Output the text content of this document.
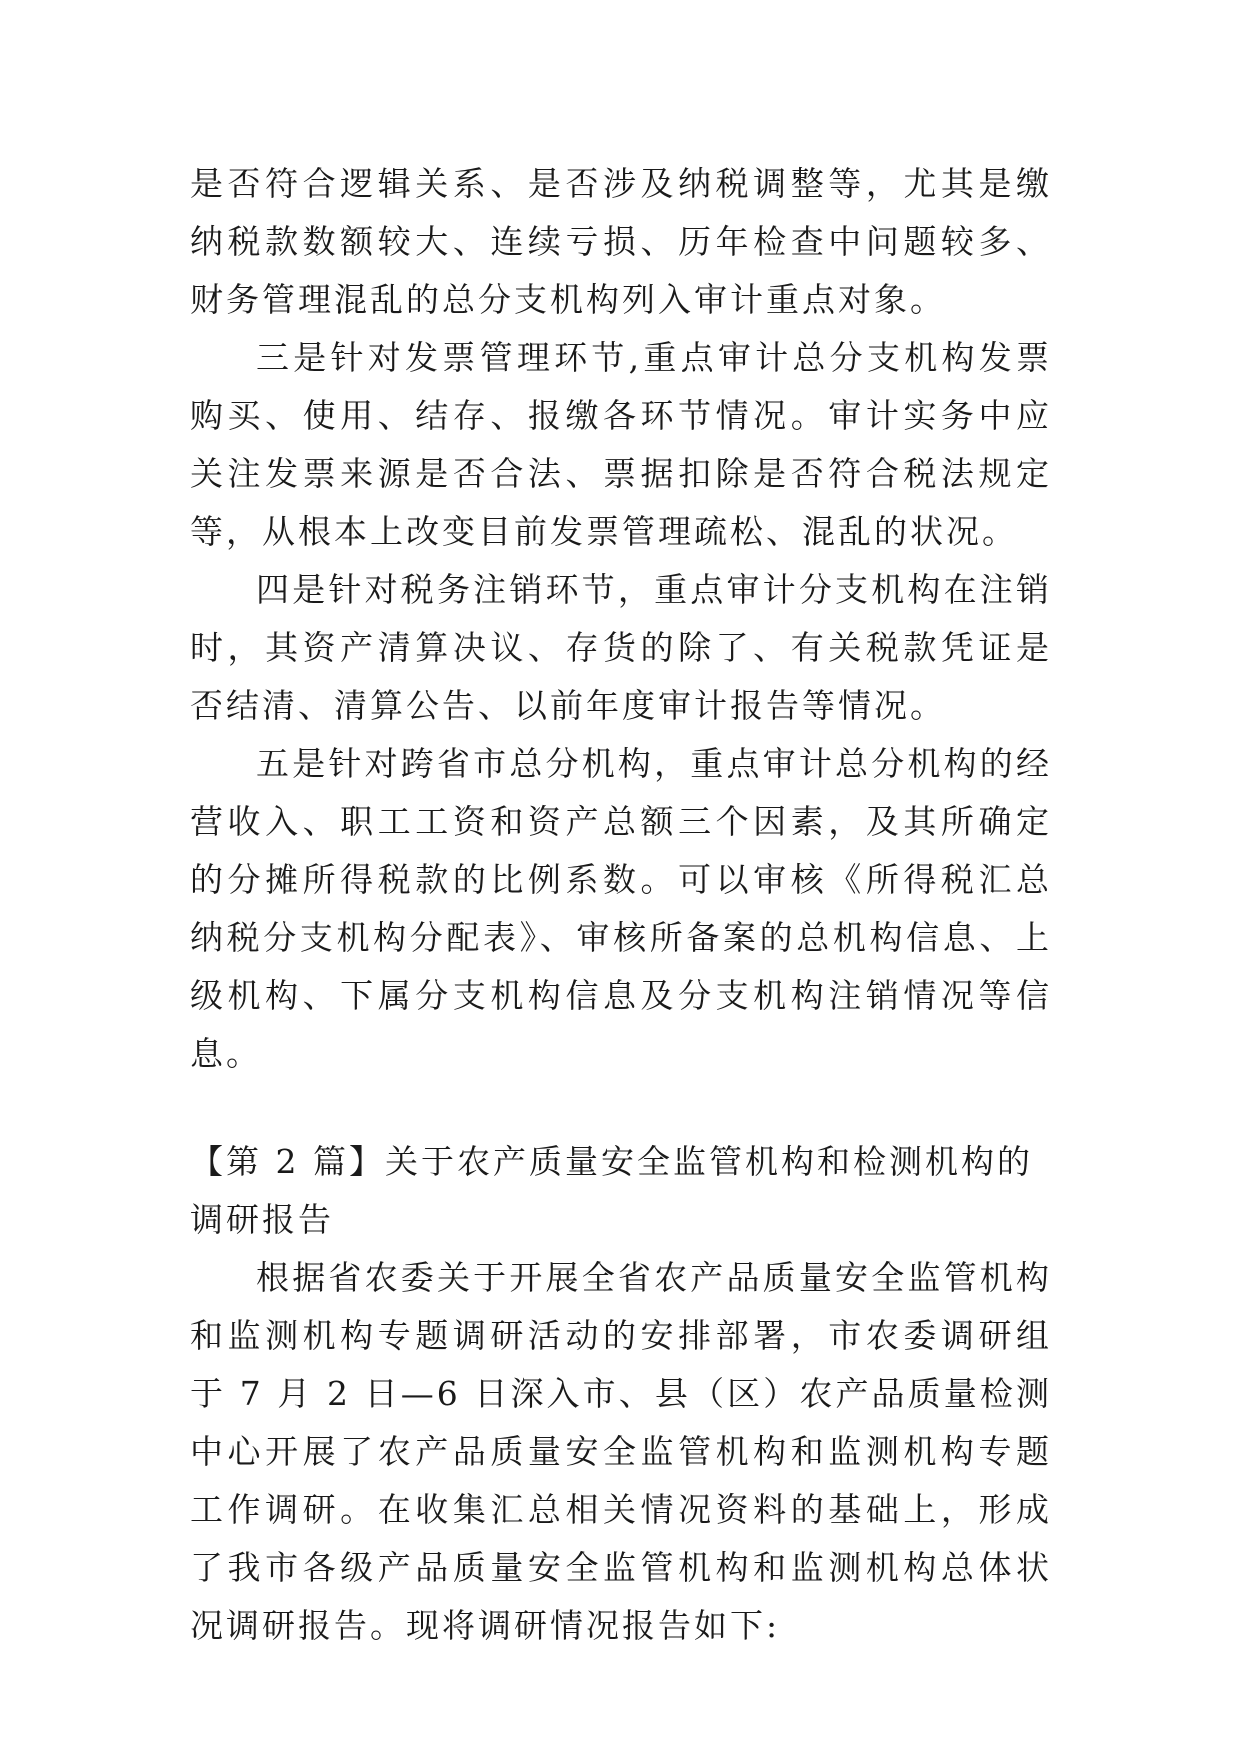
是否符合逻辑关系、是否涉及纳税调整等，尤其是缴纳税款数额较大、连续亏损、历年检查中问题较多、财务管理混乱的总分支机构列入审计重点对象。

三是针对发票管理环节,重点审计总分支机构发票购买、使用、结存、报缴各环节情况。审计实务中应关注发票来源是否合法、票据扣除是否符合税法规定等，从根本上改变目前发票管理疏松、混乱的状况。

四是针对税务注销环节，重点审计分支机构在注销时，其资产清算决议、存货的除了、有关税款凭证是否结清、清算公告、以前年度审计报告等情况。

五是针对跨省市总分机构，重点审计总分机构的经营收入、职工工资和资产总额三个因素，及其所确定的分摊所得税款的比例系数。可以审核《所得税汇总纳税分支机构分配表》、审核所备案的总机构信息、上级机构、下属分支机构信息及分支机构注销情况等信息。

【第 2 篇】关于农产质量安全监管机构和检测机构的调研报告

根据省农委关于开展全省农产品质量安全监管机构和监测机构专题调研活动的安排部署，市农委调研组于 7 月 2 日—6 日深入市、县（区）农产品质量检测中心开展了农产品质量安全监管机构和监测机构专题工作调研。在收集汇总相关情况资料的基础上，形成了我市各级产品质量安全监管机构和监测机构总体状况调研报告。现将调研情况报告如下:
